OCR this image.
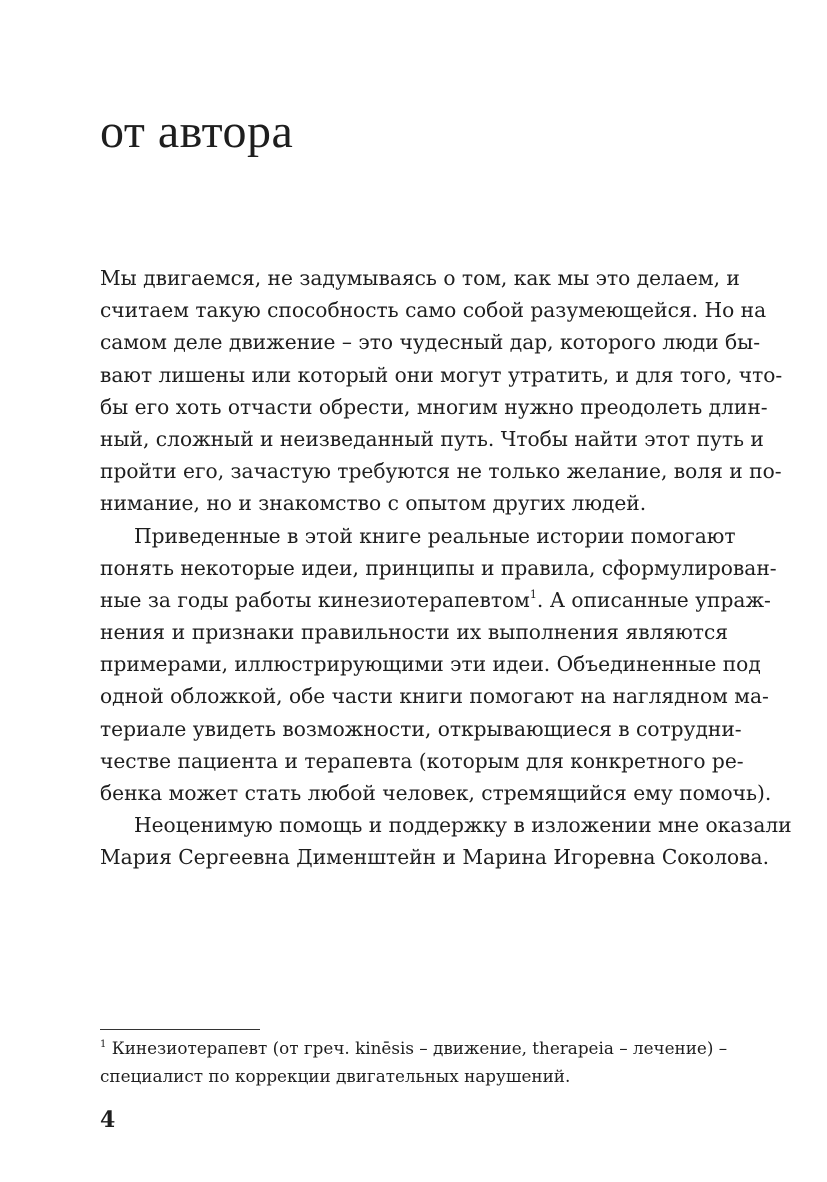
от автора
Мы двигаемся, не задумываясь о том, как мы это делаем, и
считаем такую способность само собой разумеющейся. Но на
самом деле движение – это чудесный дар, которого люди бы-
вают лишены или который они могут утратить, и для того, что-
бы его хоть отчасти обрести, многим нужно преодолеть длин-
ный, сложный и неизведанный путь. Чтобы найти этот путь и
пройти его, зачастую требуются не только желание, воля и по-
нимание, но и знакомство с опытом других людей.
Приведенные в этой книге реальные истории помогают
понять некоторые идеи, принципы и правила, сформулирован-
ные за годы работы кинезиотерапевтом$^1$. А описанные упраж-
нения и признаки правильности их выполнения являются
примерами, иллюстрирующими эти идеи. Объединенные под
одной обложкой, обе части книги помогают на наглядном ма-
териале увидеть возможности, открывающиеся в сотрудни-
честве пациента и терапевта (которым для конкретного ре-
бенка может стать любой человек, стремящийся ему помочь).
Неоценимую помощь и поддержку в изложении мне оказали
Мария Сергеевна Дименштейн и Марина Игоревна Соколова.
$^1$ Кинезиотерапевт (от греч. kinēsis – движение, therapeia – лечение) –
специалист по коррекции двигательных нарушений.
4
